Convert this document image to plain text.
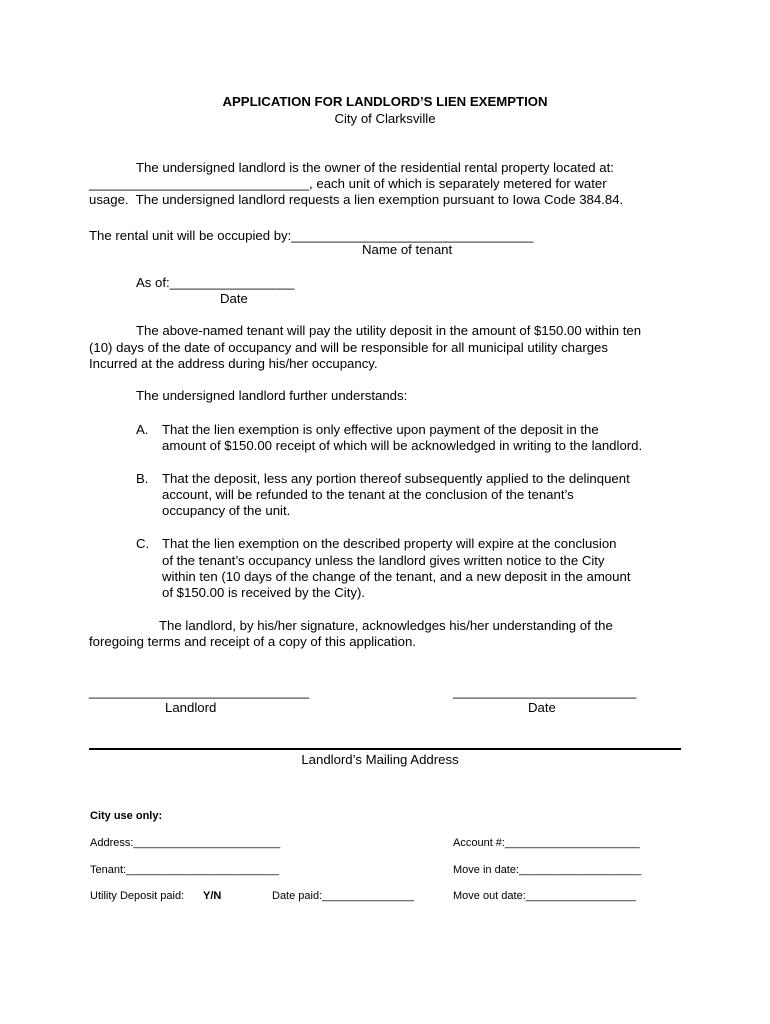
APPLICATION FOR LANDLORD’S LIEN EXEMPTION
City of Clarksville
The undersigned landlord is the owner of the residential rental property located at:
______________________________, each unit of which is separately metered for water
usage.  The undersigned landlord requests a lien exemption pursuant to Iowa Code 384.84.
The rental unit will be occupied by:_________________________________
Name of tenant
As of:_________________
Date
The above-named tenant will pay the utility deposit in the amount of $150.00 within ten
(10) days of the date of occupancy and will be responsible for all municipal utility charges
Incurred at the address during his/her occupancy.
The undersigned landlord further understands:
A. That the lien exemption is only effective upon payment of the deposit in the
amount of $150.00 receipt of which will be acknowledged in writing to the landlord.
B. That the deposit, less any portion thereof subsequently applied to the delinquent
account, will be refunded to the tenant at the conclusion of the tenant’s
occupancy of the unit.
C. That the lien exemption on the described property will expire at the conclusion
of the tenant’s occupancy unless the landlord gives written notice to the City
within ten (10 days of the change of the tenant, and a new deposit in the amount
of $150.00 is received by the City).
The landlord, by his/her signature, acknowledges his/her understanding of the
foregoing terms and receipt of a copy of this application.
______________________________
Landlord
_________________________
Date
Landlord’s Mailing Address
City use only:
Address:________________________	Account #:______________________
Tenant:_________________________	Move in date:____________________
Utility Deposit paid: Y/N	Date paid:_______________	Move out date:__________________
